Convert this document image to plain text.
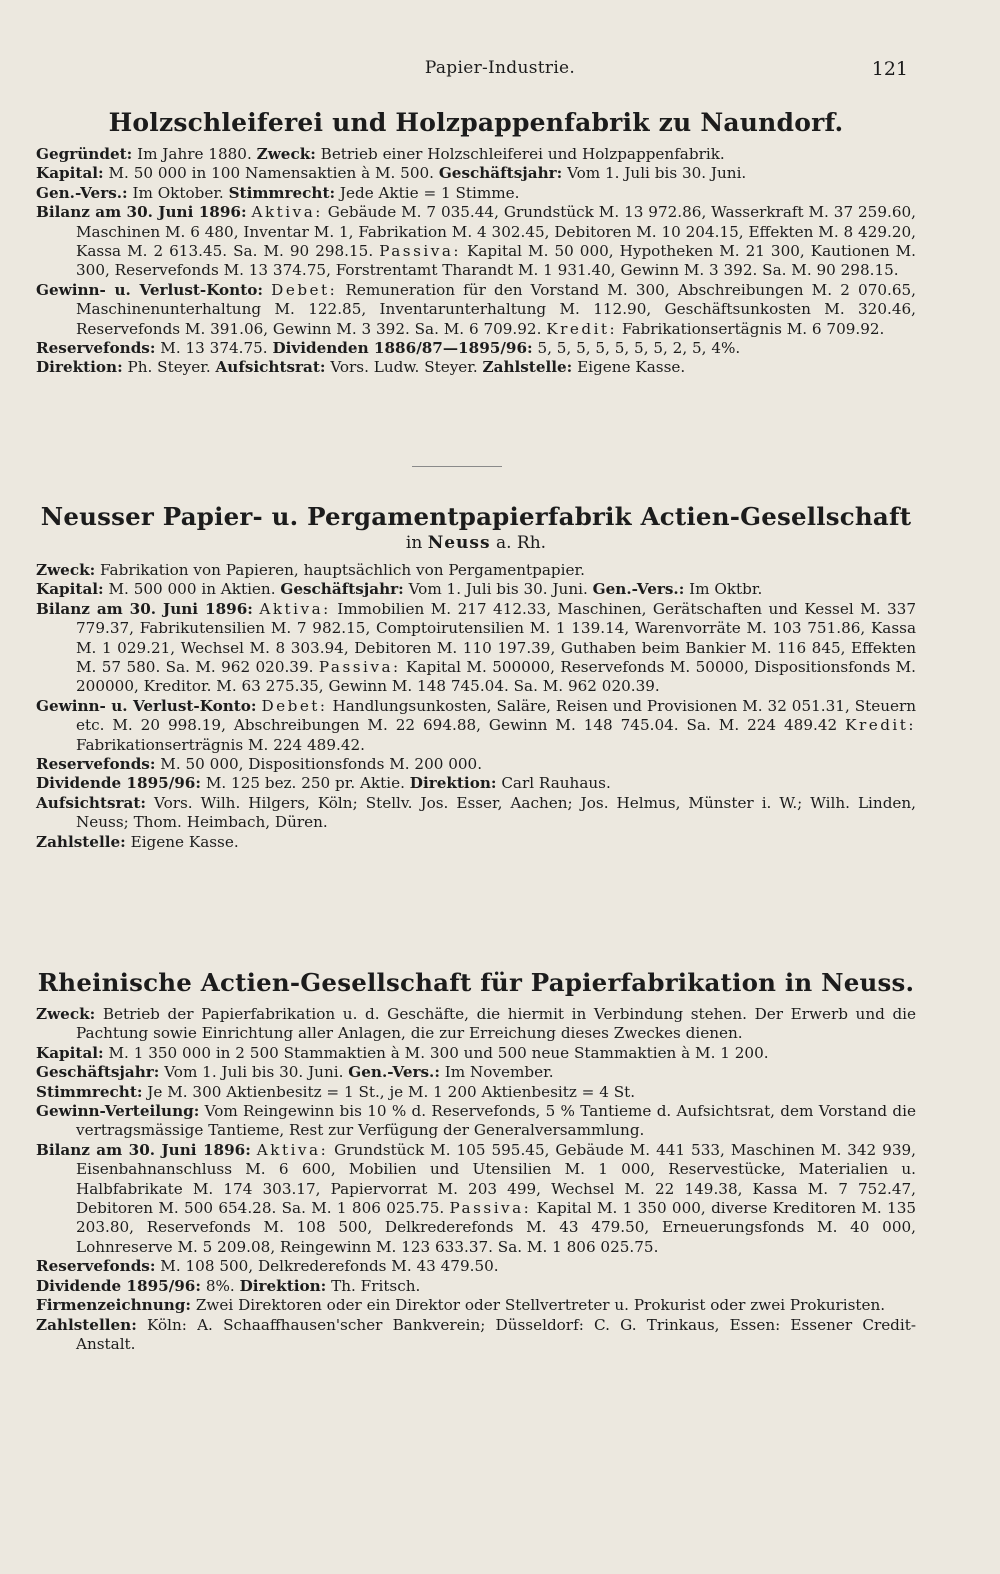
Papier-Industrie.	121
Holzschleiferei und Holzpappenfabrik zu Naundorf.

Gegründet: Im Jahre 1880. Zweck: Betrieb einer Holzschleiferei und Holzpappenfabrik.

Kapital: M. 50 000 in 100 Namensaktien à M. 500. Geschäftsjahr: Vom 1. Juli bis 30. Juni.

Gen.-Vers.: Im Oktober. Stimmrecht: Jede Aktie = 1 Stimme.

Bilanz am 30. Juni 1896: Aktiva: Gebäude M. 7 035.44, Grundstück M. 13 972.86, Wasserkraft M. 37 259.60, Maschinen M. 6 480, Inventar M. 1, Fabrikation M. 4 302.45, Debitoren M. 10 204.15, Effekten M. 8 429.20, Kassa M. 2 613.45. Sa. M. 90 298.15. Passiva: Kapital M. 50 000, Hypotheken M. 21 300, Kautionen M. 300, Reservefonds M. 13 374.75, Forstrentamt Tharandt M. 1 931.40, Gewinn M. 3 392. Sa. M. 90 298.15.

Gewinn- u. Verlust-Konto: Debet: Remuneration für den Vorstand M. 300, Abschreibungen M. 2 070.65, Maschinenunterhaltung M. 122.85, Inventarunterhaltung M. 112.90, Geschäftsunkosten M. 320.46, Reservefonds M. 391.06, Gewinn M. 3 392. Sa. M. 6 709.92. Kredit: Fabrikationsertägnis M. 6 709.92.

Reservefonds: M. 13 374.75. Dividenden 1886/87—1895/96: 5, 5, 5, 5, 5, 5, 5, 2, 5, 4%.

Direktion: Ph. Steyer. Aufsichtsrat: Vors. Ludw. Steyer. Zahlstelle: Eigene Kasse.

Neusser Papier- u. Pergamentpapierfabrik Actien-Gesellschaft
in Neuss a. Rh.

Zweck: Fabrikation von Papieren, hauptsächlich von Pergamentpapier.

Kapital: M. 500 000 in Aktien. Geschäftsjahr: Vom 1. Juli bis 30. Juni. Gen.-Vers.: Im Oktbr.

Bilanz am 30. Juni 1896: Aktiva: Immobilien M. 217 412.33, Maschinen, Gerätschaften und Kessel M. 337 779.37, Fabrikutensilien M. 7 982.15, Comptoirutensilien M. 1 139.14, Warenvorräte M. 103 751.86, Kassa M. 1 029.21, Wechsel M. 8 303.94, Debitoren M. 110 197.39, Guthaben beim Bankier M. 116 845, Effekten M. 57 580. Sa. M. 962 020.39. Passiva: Kapital M. 500000, Reservefonds M. 50000, Dispositionsfonds M. 200000, Kreditor. M. 63 275.35, Gewinn M. 148 745.04. Sa. M. 962 020.39.

Gewinn- u. Verlust-Konto: Debet: Handlungsunkosten, Saläre, Reisen und Provisionen M. 32 051.31, Steuern etc. M. 20 998.19, Abschreibungen M. 22 694.88, Gewinn M. 148 745.04. Sa. M. 224 489.42 Kredit: Fabrikationserträgnis M. 224 489.42.

Reservefonds: M. 50 000, Dispositionsfonds M. 200 000.

Dividende 1895/96: M. 125 bez. 250 pr. Aktie. Direktion: Carl Rauhaus.

Aufsichtsrat: Vors. Wilh. Hilgers, Köln; Stellv. Jos. Esser, Aachen; Jos. Helmus, Münster i. W.; Wilh. Linden, Neuss; Thom. Heimbach, Düren.

Zahlstelle: Eigene Kasse.

Rheinische Actien-Gesellschaft für Papierfabrikation in Neuss.

Zweck: Betrieb der Papierfabrikation u. d. Geschäfte, die hiermit in Verbindung stehen. Der Erwerb und die Pachtung sowie Einrichtung aller Anlagen, die zur Erreichung dieses Zweckes dienen.

Kapital: M. 1 350 000 in 2 500 Stammaktien à M. 300 und 500 neue Stammaktien à M. 1 200.

Geschäftsjahr: Vom 1. Juli bis 30. Juni. Gen.-Vers.: Im November.

Stimmrecht: Je M. 300 Aktienbesitz = 1 St., je M. 1 200 Aktienbesitz = 4 St.

Gewinn-Verteilung: Vom Reingewinn bis 10 % d. Reservefonds, 5 % Tantieme d. Aufsichtsrat, dem Vorstand die vertragsmässige Tantieme, Rest zur Verfügung der Generalversammlung.

Bilanz am 30. Juni 1896: Aktiva: Grundstück M. 105 595.45, Gebäude M. 441 533, Maschinen M. 342 939, Eisenbahnanschluss M. 6 600, Mobilien und Utensilien M. 1 000, Reservestücke, Materialien u. Halbfabrikate M. 174 303.17, Papiervorrat M. 203 499, Wechsel M. 22 149.38, Kassa M. 7 752.47, Debitoren M. 500 654.28. Sa. M. 1 806 025.75. Passiva: Kapital M. 1 350 000, diverse Kreditoren M. 135 203.80, Reservefonds M. 108 500, Delkrederefonds M. 43 479.50, Erneuerungsfonds M. 40 000, Lohnreserve M. 5 209.08, Reingewinn M. 123 633.37. Sa. M. 1 806 025.75.

Reservefonds: M. 108 500, Delkrederefonds M. 43 479.50.

Dividende 1895/96: 8%. Direktion: Th. Fritsch.

Firmenzeichnung: Zwei Direktoren oder ein Direktor oder Stellvertreter u. Prokurist oder zwei Prokuristen.

Zahlstellen: Köln: A. Schaaffhausen'scher Bankverein; Düsseldorf: C. G. Trinkaus, Essen: Essener Credit-Anstalt.
